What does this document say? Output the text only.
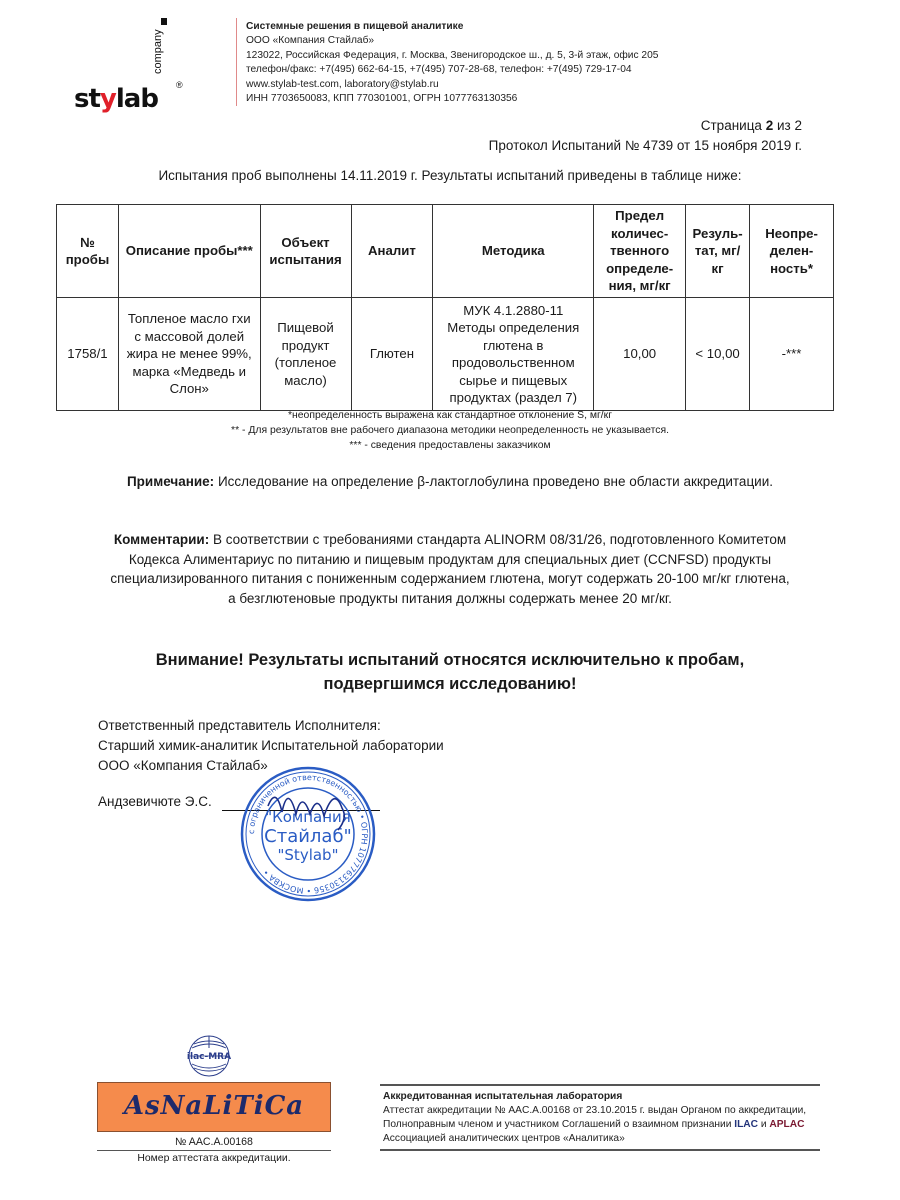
company
stylab ®
Системные решения в пищевой аналитике
ООО «Компания Стайлаб»
123022, Российская Федерация, г. Москва, Звенигородское ш., д. 5, 3-й этаж, офис 205
телефон/факс: +7(495) 662-64-15, +7(495) 707-28-68, телефон: +7(495) 729-17-04
www.stylab-test.com, laboratory@stylab.ru
ИНН 7703650083, КПП 770301001, ОГРН 1077763130356
Страница 2 из 2
Протокол Испытаний № 4739 от 15 ноября 2019 г.
Испытания проб выполнены 14.11.2019 г. Результаты испытаний приведены в таблице ниже:
№ пробы	Описание пробы***	Объект испытания	Аналит	Методика	Предел количес-твенного определе-ния, мг/кг	Резуль-тат, мг/кг	Неопре-делен-ность*
1758/1	Топленое масло гхи с массовой долей жира не менее 99%, марка «Медведь и Слон»	Пищевой продукт (топленое масло)	Глютен	МУК 4.1.2880-11 Методы определения глютена в продовольственном сырье и пищевых продуктах (раздел 7)	10,00	< 10,00	-***
*неопределенность выражена как стандартное отклонение S, мг/кг
** - Для результатов вне рабочего диапазона методики неопределенность не указывается.
*** - сведения предоставлены заказчиком
Примечание: Исследование на определение β-лактоглобулина проведено вне области аккредитации.
Комментарии: В соответствии с требованиями стандарта ALINORM 08/31/26, подготовленного Комитетом Кодекса Алиментариус по питанию и пищевым продуктам для специальных диет (CCNFSD) продукты специализированного питания с пониженным содержанием глютена, могут содержать 20-100 мг/кг глютена, а безглютеновые продукты питания должны содержать менее 20 мг/кг.
Внимание! Результаты испытаний относятся исключительно к пробам,
подвергшимся исследованию!
Ответственный представитель Исполнителя:
Старший химик-аналитик Испытательной лаборатории
ООО «Компания Стайлаб»
Андзевичюте Э.С.
с ограниченной ответственностью • ОГРН 1077763130356 • МОСКВА •
"Компания
Стайлаб"
"Stylab"
ilac-MRA
AsNaLiTiCa
№ AAC.A.00168
Номер аттестата аккредитации.
Аккредитованная испытательная лаборатория
Аттестат аккредитации № AAC.A.00168 от 23.10.2015 г. выдан Органом по аккредитации,
Полноправным членом и участником Соглашений о взаимном признании ILAC и APLAC
Ассоциацией аналитических центров «Аналитика»
